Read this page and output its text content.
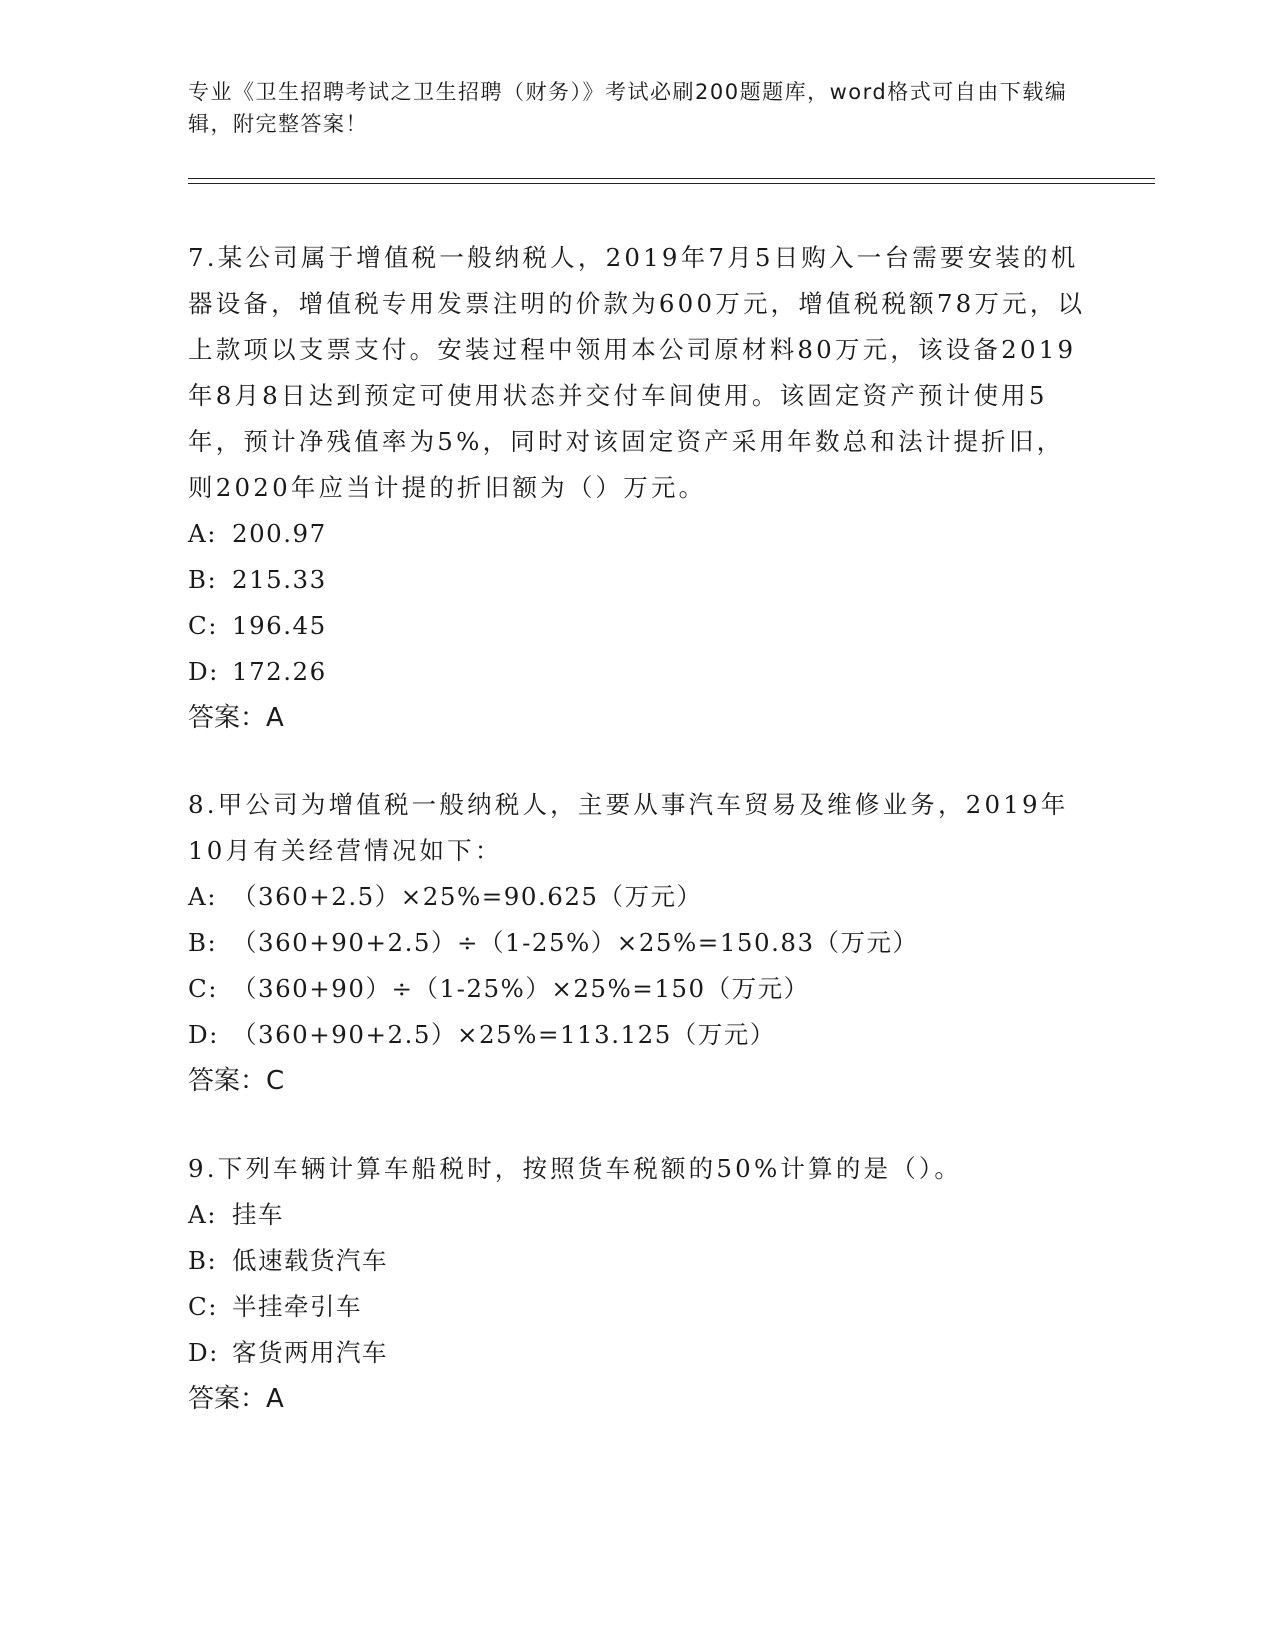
专业《卫生招聘考试之卫生招聘（财务）》考试必刷200题题库，word格式可自由下载编辑，附完整答案！

7.某公司属于增值税一般纳税人，2019年7月5日购入一台需要安装的机器设备，增值税专用发票注明的价款为600万元，增值税税额78万元，以上款项以支票支付。安装过程中领用本公司原材料80万元，该设备2019年8月8日达到预定可使用状态并交付车间使用。该固定资产预计使用5年，预计净残值率为5%，同时对该固定资产采用年数总和法计提折旧，则2020年应当计提的折旧额为（）万元。

A: 200.97
B: 215.33
C: 196.45
D: 172.26
答案：A

8.甲公司为增值税一般纳税人，主要从事汽车贸易及维修业务，2019年10月有关经营情况如下：

A: （360+2.5）×25%=90.625（万元）
B: （360+90+2.5）÷（1-25%）×25%=150.83（万元）
C: （360+90）÷（1-25%）×25%=150（万元）
D: （360+90+2.5）×25%=113.125（万元）
答案：C

9.下列车辆计算车船税时，按照货车税额的50%计算的是（）。

A: 挂车
B: 低速载货汽车
C: 半挂牵引车
D: 客货两用汽车
答案：A
